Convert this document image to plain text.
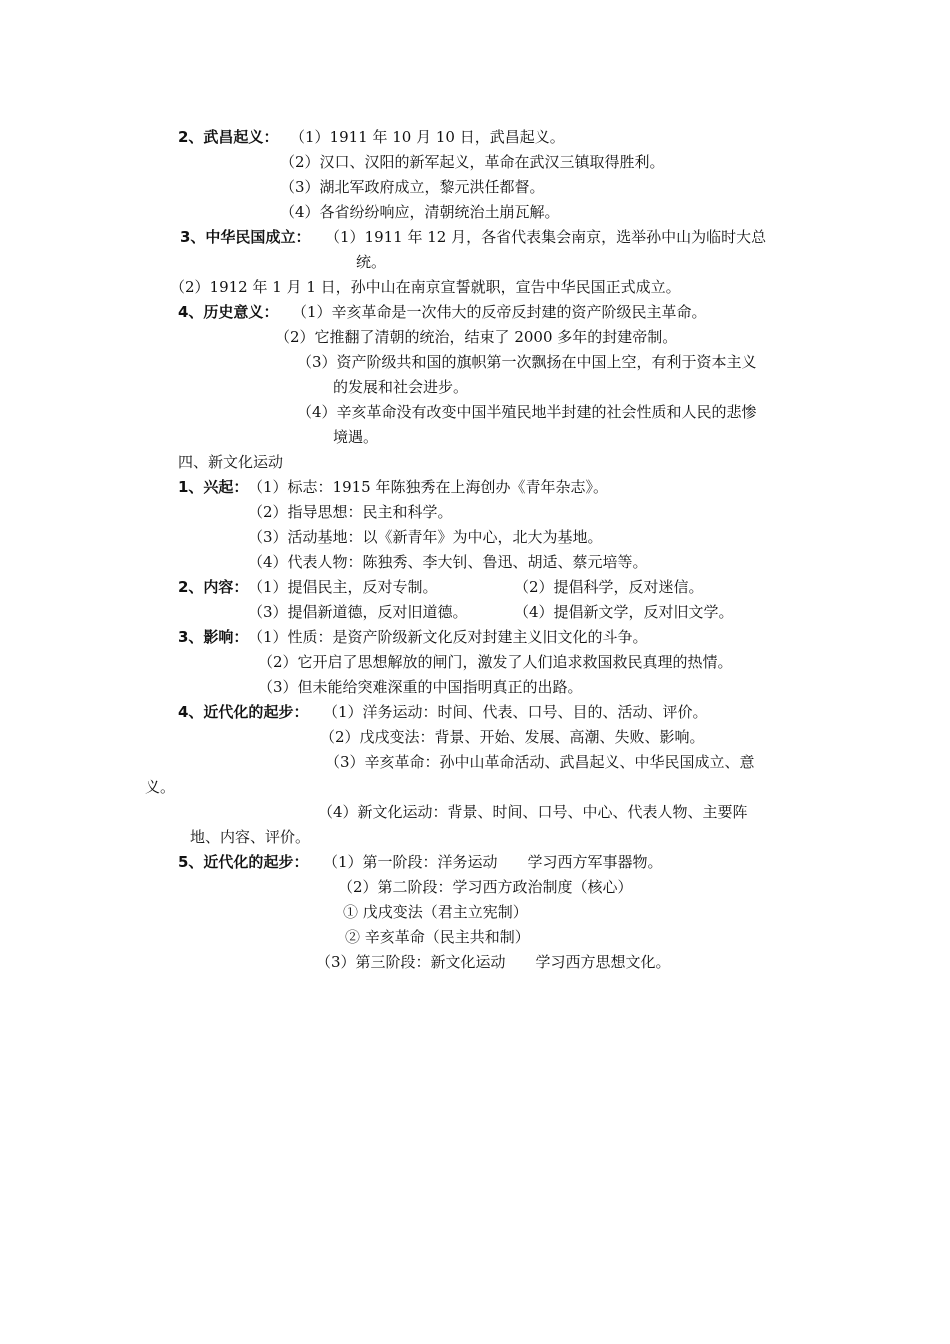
2、武昌起义： （1）1911 年 10 月 10 日，武昌起义。
（2）汉口、汉阳的新军起义，革命在武汉三镇取得胜利。
（3）湖北军政府成立，黎元洪任都督。
（4）各省纷纷响应，清朝统治土崩瓦解。
3、中华民国成立： （1）1911 年 12 月，各省代表集会南京，选举孙中山为临时大总
统。
（2）1912 年 1 月 1 日，孙中山在南京宣誓就职，宣告中华民国正式成立。
4、历史意义： （1）辛亥革命是一次伟大的反帝反封建的资产阶级民主革命。
（2）它推翻了清朝的统治，结束了 2000 多年的封建帝制。
（3）资产阶级共和国的旗帜第一次飘扬在中国上空，有利于资本主义
的发展和社会进步。
（4）辛亥革命没有改变中国半殖民地半封建的社会性质和人民的悲惨
境遇。
四、新文化运动
1、兴起： （1）标志：1915 年陈独秀在上海创办《青年杂志》。
（2）指导思想：民主和科学。
（3）活动基地：以《新青年》为中心，北大为基地。
（4）代表人物：陈独秀、李大钊、鲁迅、胡适、蔡元培等。
2、内容： （1）提倡民主，反对专制。	（2）提倡科学，反对迷信。
（3）提倡新道德，反对旧道德。	（4）提倡新文学，反对旧文学。
3、影响： （1）性质：是资产阶级新文化反对封建主义旧文化的斗争。
（2）它开启了思想解放的闸门，激发了人们追求救国救民真理的热情。
（3）但未能给突难深重的中国指明真正的出路。
4、近代化的起步： （1）洋务运动：时间、代表、口号、目的、活动、评价。
（2）戊戌变法：背景、开始、发展、高潮、失败、影响。
（3）辛亥革命：孙中山革命活动、武昌起义、中华民国成立、意
义。
（4）新文化运动：背景、时间、口号、中心、代表人物、主要阵
地、内容、评价。
5、近代化的起步： （1）第一阶段：洋务运动　　学习西方军事器物。
（2）第二阶段：学习西方政治制度（核心）
① 戊戌变法（君主立宪制）
② 辛亥革命（民主共和制）
（3）第三阶段：新文化运动　　学习西方思想文化。
